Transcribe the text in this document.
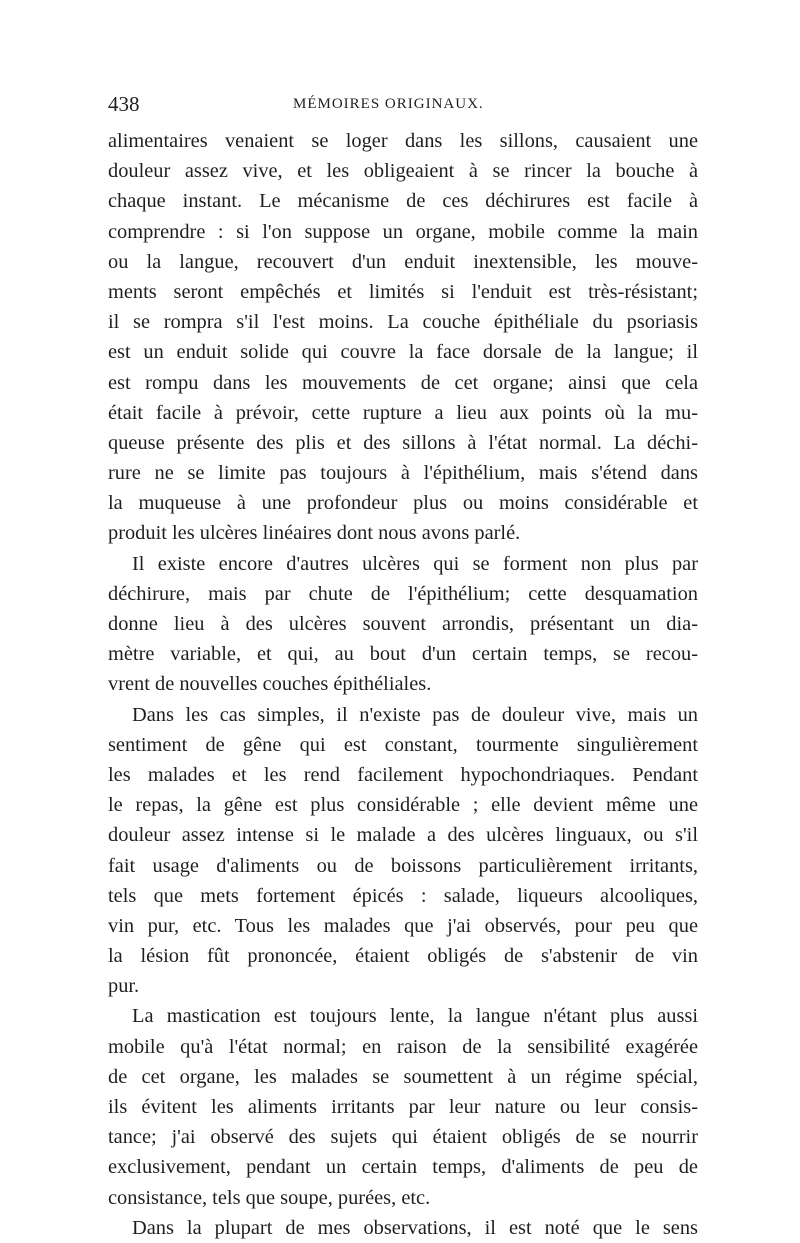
438	MÉMOIRES ORIGINAUX.
alimentaires venaient se loger dans les sillons, causaient une
douleur assez vive, et les obligeaient à se rincer la bouche à
chaque instant. Le mécanisme de ces déchirures est facile à
comprendre : si l'on suppose un organe, mobile comme la main
ou la langue, recouvert d'un enduit inextensible, les mouve-
ments seront empêchés et limités si l'enduit est très-résistant;
il se rompra s'il l'est moins. La couche épithéliale du psoriasis
est un enduit solide qui couvre la face dorsale de la langue; il
est rompu dans les mouvements de cet organe; ainsi que cela
était facile à prévoir, cette rupture a lieu aux points où la mu-
queuse présente des plis et des sillons à l'état normal. La déchi-
rure ne se limite pas toujours à l'épithélium, mais s'étend dans
la muqueuse à une profondeur plus ou moins considérable et
produit les ulcères linéaires dont nous avons parlé.
Il existe encore d'autres ulcères qui se forment non plus par
déchirure, mais par chute de l'épithélium; cette desquamation
donne lieu à des ulcères souvent arrondis, présentant un dia-
mètre variable, et qui, au bout d'un certain temps, se recou-
vrent de nouvelles couches épithéliales.
Dans les cas simples, il n'existe pas de douleur vive, mais un
sentiment de gêne qui est constant, tourmente singulièrement
les malades et les rend facilement hypochondriaques. Pendant
le repas, la gêne est plus considérable ; elle devient même une
douleur assez intense si le malade a des ulcères linguaux, ou s'il
fait usage d'aliments ou de boissons particulièrement irritants,
tels que mets fortement épicés : salade, liqueurs alcooliques,
vin pur, etc. Tous les malades que j'ai observés, pour peu que
la lésion fût prononcée, étaient obligés de s'abstenir de vin
pur.
La mastication est toujours lente, la langue n'étant plus aussi
mobile qu'à l'état normal; en raison de la sensibilité exagérée
de cet organe, les malades se soumettent à un régime spécial,
ils évitent les aliments irritants par leur nature ou leur consis-
tance; j'ai observé des sujets qui étaient obligés de se nourrir
exclusivement, pendant un certain temps, d'aliments de peu de
consistance, tels que soupe, purées, etc.
Dans la plupart de mes observations, il est noté que le sens
